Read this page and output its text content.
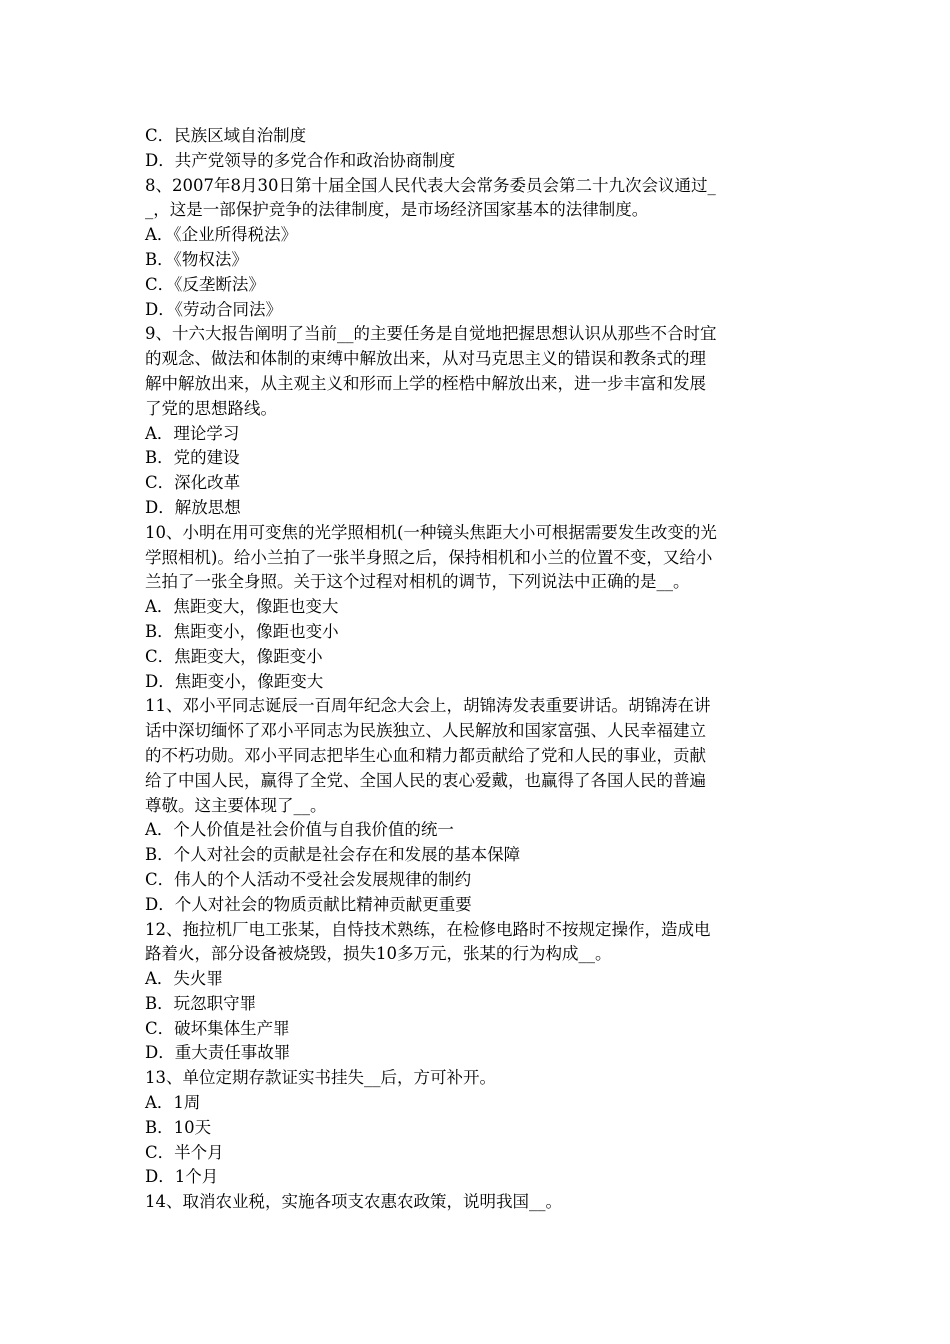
C．民族区域自治制度
D．共产党领导的多党合作和政治协商制度
8、2007年8月30日第十届全国人民代表大会常务委员会第二十九次会议通过_
_，这是一部保护竞争的法律制度，是市场经济国家基本的法律制度。
A．《企业所得税法》
B．《物权法》
C．《反垄断法》
D．《劳动合同法》
9、十六大报告阐明了当前__的主要任务是自觉地把握思想认识从那些不合时宜
的观念、做法和体制的束缚中解放出来，从对马克思主义的错误和教条式的理
解中解放出来，从主观主义和形而上学的桎梏中解放出来，进一步丰富和发展
了党的思想路线。
A．理论学习
B．党的建设
C．深化改革
D．解放思想
10、小明在用可变焦的光学照相机(一种镜头焦距大小可根据需要发生改变的光
学照相机)。给小兰拍了一张半身照之后，保持相机和小兰的位置不变，又给小
兰拍了一张全身照。关于这个过程对相机的调节，下列说法中正确的是__。
A．焦距变大，像距也变大
B．焦距变小，像距也变小
C．焦距变大，像距变小
D．焦距变小，像距变大
11、邓小平同志诞辰一百周年纪念大会上，胡锦涛发表重要讲话。胡锦涛在讲
话中深切缅怀了邓小平同志为民族独立、人民解放和国家富强、人民幸福建立
的不朽功勋。邓小平同志把毕生心血和精力都贡献给了党和人民的事业，贡献
给了中国人民，赢得了全党、全国人民的衷心爱戴，也赢得了各国人民的普遍
尊敬。这主要体现了__。
A．个人价值是社会价值与自我价值的统一
B．个人对社会的贡献是社会存在和发展的基本保障
C．伟人的个人活动不受社会发展规律的制约
D．个人对社会的物质贡献比精神贡献更重要
12、拖拉机厂电工张某，自恃技术熟练，在检修电路时不按规定操作，造成电
路着火，部分设备被烧毁，损失10多万元，张某的行为构成__。
A．失火罪
B．玩忽职守罪
C．破坏集体生产罪
D．重大责任事故罪
13、单位定期存款证实书挂失__后，方可补开。
A．1周
B．10天
C．半个月
D．1个月
14、取消农业税，实施各项支农惠农政策，说明我国__。
